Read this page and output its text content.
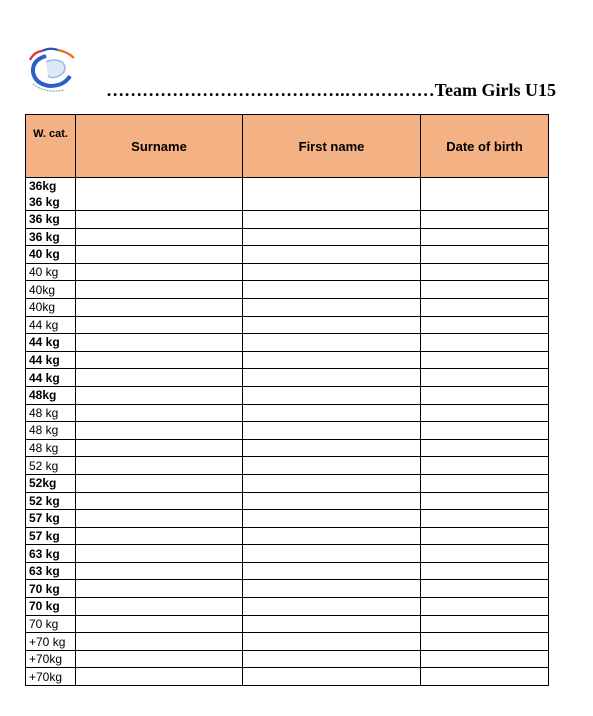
………………………………….……………Team Girls U15
W. cat.	Surname	First name	Date of birth

36kg
36 kg			

36 kg			
36 kg			
40 kg			
40 kg			
40kg			
40kg			
44 kg			
44 kg			
44 kg			
44 kg			
48kg			
48 kg			
48 kg			
48 kg			
52 kg			
52kg			
52 kg			
57 kg			
57 kg			
63 kg			
63 kg			
70 kg			
70 kg			
70 kg			
+70 kg			
+70kg			
+70kg			
